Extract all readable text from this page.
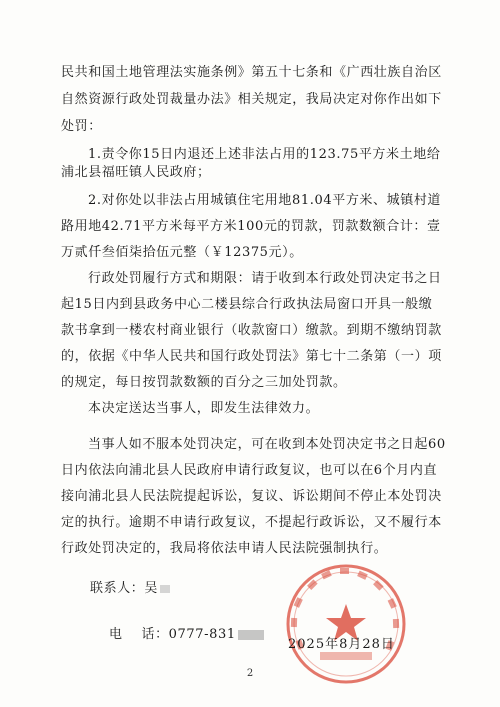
民共和国土地管理法实施条例》第五十七条和《广西壮族自治区
自然资源行政处罚裁量办法》相关规定，我局决定对你作出如下
处罚：
1.责令你15日内退还上述非法占用的123.75平方米土地给
浦北县福旺镇人民政府；
2.对你处以非法占用城镇住宅用地81.04平方米、城镇村道
路用地42.71平方米每平方米100元的罚款，罚款数额合计：壹
万贰仟叁佰柒拾伍元整（￥12375元）。
行政处罚履行方式和期限：请于收到本行政处罚决定书之日
起15日内到县政务中心二楼县综合行政执法局窗口开具一般缴
款书拿到一楼农村商业银行（收款窗口）缴款。到期不缴纳罚款
的，依据《中华人民共和国行政处罚法》第七十二条第（一）项
的规定，每日按罚款数额的百分之三加处罚款。
本决定送达当事人，即发生法律效力。
当事人如不服本处罚决定，可在收到本处罚决定书之日起60
日内依法向浦北县人民政府申请行政复议，也可以在6个月内直
接向浦北县人民法院提起诉讼，复议、诉讼期间不停止本处罚决
定的执行。逾期不申请行政复议，不提起行政诉讼，又不履行本
行政处罚决定的，我局将依法申请人民法院强制执行。
联系人：吴

电    话：0777-831

2025年8月28日
2
